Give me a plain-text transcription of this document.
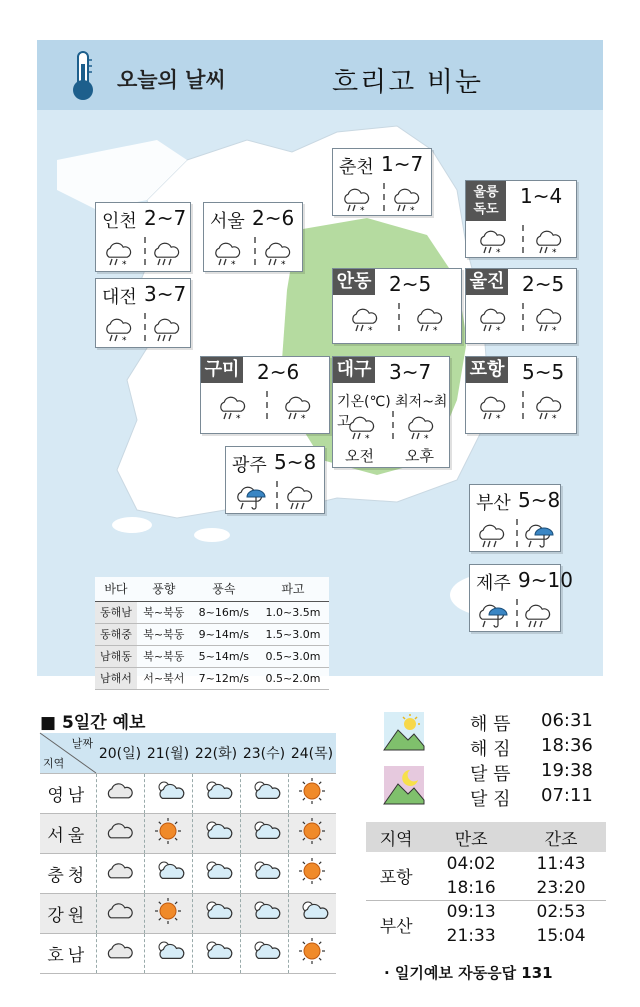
오늘의 날씨	흐리고 비눈
춘천 1~7
*	*
울릉
독도
1~4
*	*
인천 2~7
*
서울 2~6
*	*
대전 3~7
*
안동 2~5
*	*
울진 2~5
*	*
구미 2~6
*	*
대구 3~7
*	*
기온(℃) 최저~최고
오전 오후
포항 5~5
*	*
광주 5~8
부산 5~8
제주 9~10
바다	풍향	풍속	파고
동해남	북~북동	8~16m/s	1.0~3.5m
동해중	북~북동	9~14m/s	1.5~3.0m
남해동	북~북동	5~14m/s	0.5~3.0m
남해서	서~북서	7~12m/s	0.5~2.0m
■ 5일간 예보
날짜
지역	20(일)	21(월)	22(화)	23(수)	24(목)
영남					
서울					
충청					
강원					
호남					
해 뜸 06:31
해 짐 18:36
달 뜸 19:38
달 짐 07:11
지역	만조	간조
포항	04:02	11:43
	18:16	23:20
부산	09:13	02:53
	21:33	15:04
· 일기예보 자동응답 131
